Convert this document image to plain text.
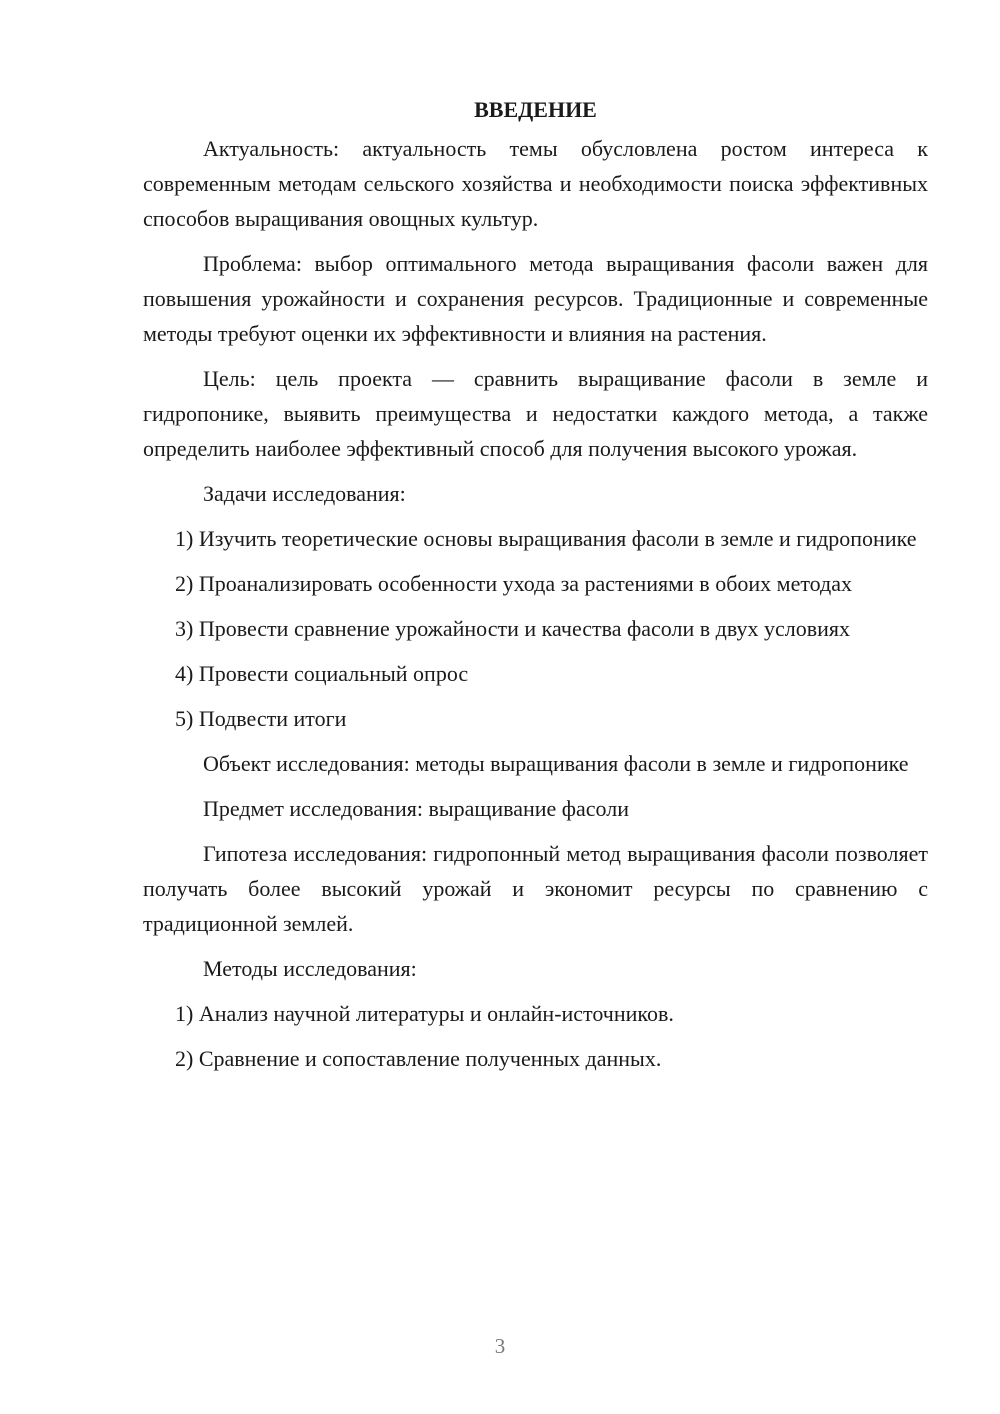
ВВЕДЕНИЕ

Актуальность: актуальность темы обусловлена ростом интереса к современным методам сельского хозяйства и необходимости поиска эффективных способов выращивания овощных культур.

Проблема: выбор оптимального метода выращивания фасоли важен для повышения урожайности и сохранения ресурсов. Традиционные и современные методы требуют оценки их эффективности и влияния на растения.

Цель: цель проекта — сравнить выращивание фасоли в земле и гидропонике, выявить преимущества и недостатки каждого метода, а также определить наиболее эффективный способ для получения высокого урожая.

Задачи исследования:

1) Изучить теоретические основы выращивания фасоли в земле и гидропонике

2) Проанализировать особенности ухода за растениями в обоих методах

3) Провести сравнение урожайности и качества фасоли в двух условиях

4) Провести социальный опрос

5) Подвести итоги

Объект исследования: методы выращивания фасоли в земле и гидропонике

Предмет исследования: выращивание фасоли

Гипотеза исследования: гидропонный метод выращивания фасоли позволяет получать более высокий урожай и экономит ресурсы по сравнению с традиционной землей.

Методы исследования:

1) Анализ научной литературы и онлайн-источников.

2) Сравнение и сопоставление полученных данных.

3
